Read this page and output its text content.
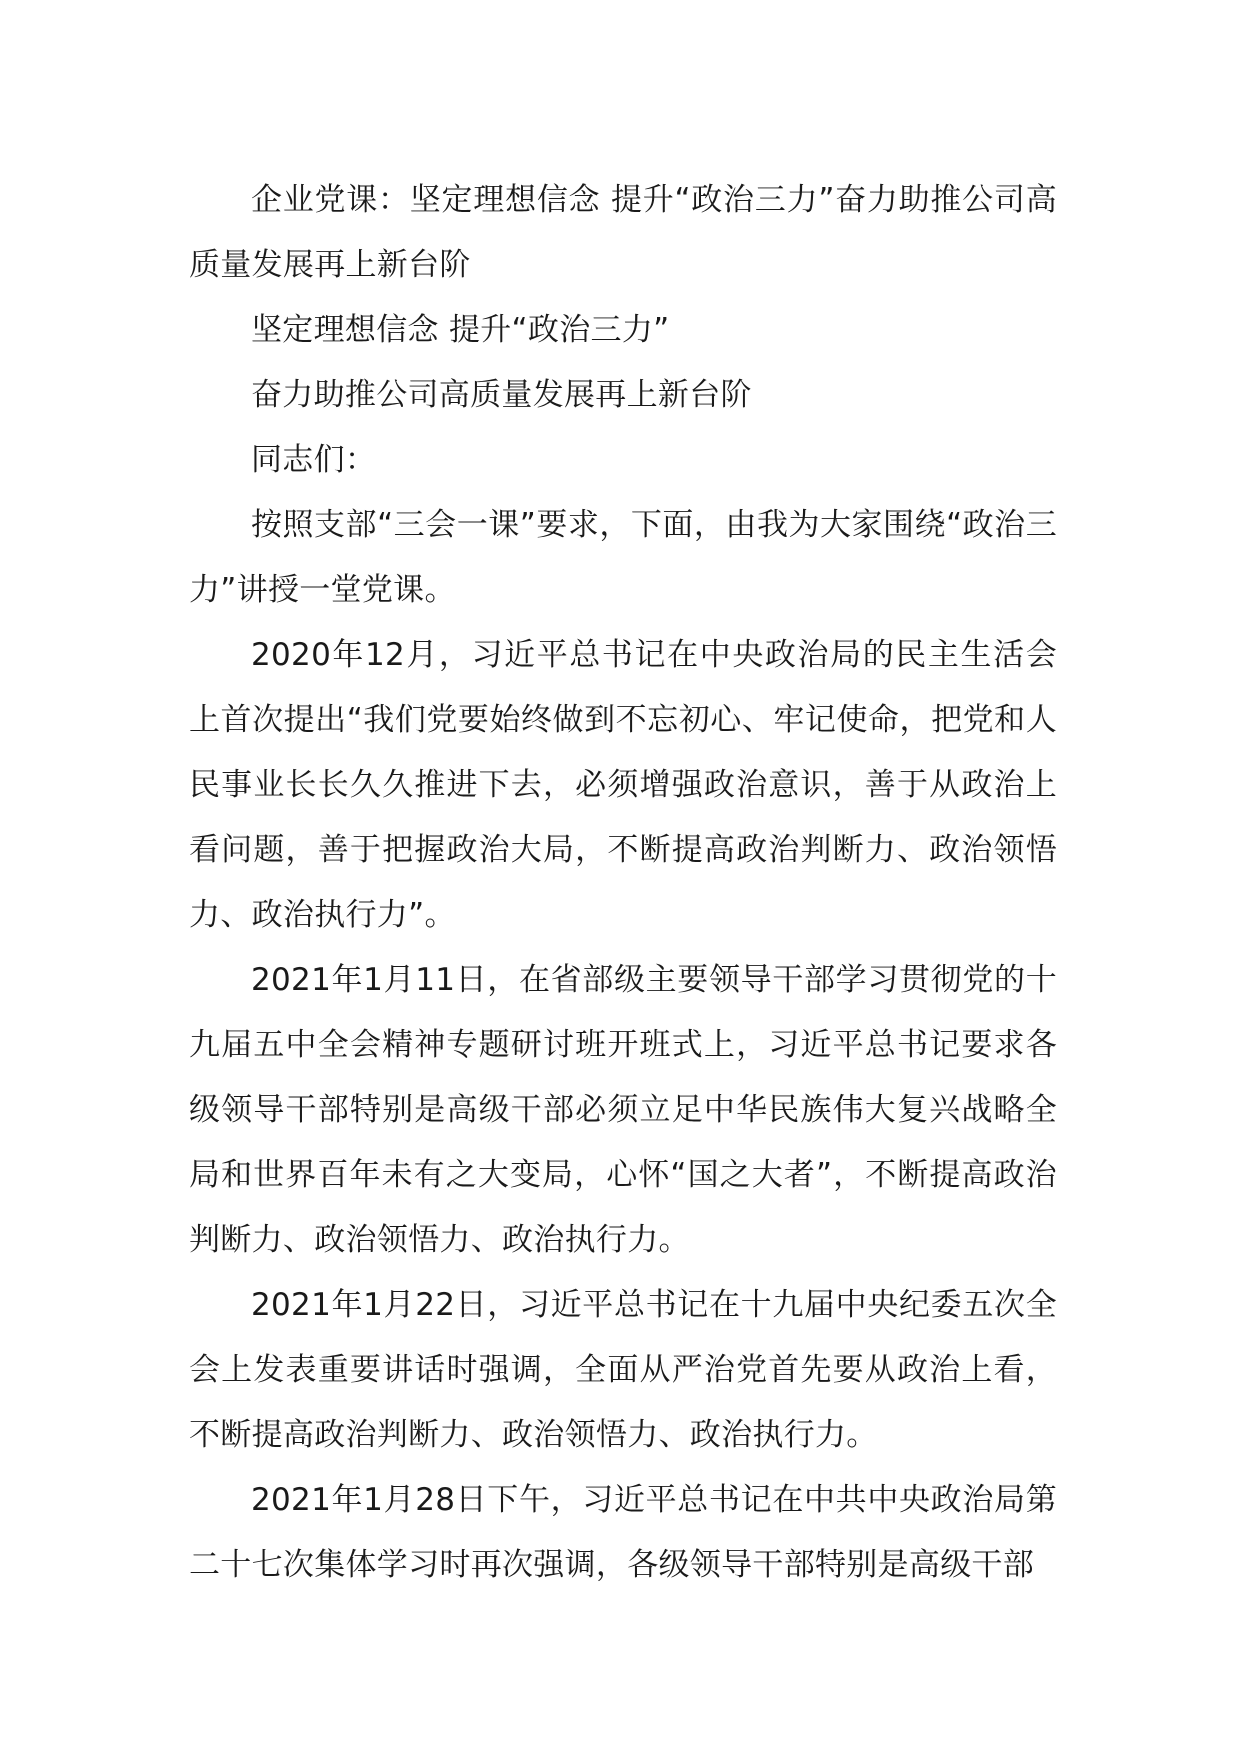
企业党课：坚定理想信念 提升“政治三力”奋力助推公司高质量发展再上新台阶

坚定理想信念 提升“政治三力”

奋力助推公司高质量发展再上新台阶

同志们：

按照支部“三会一课”要求，下面，由我为大家围绕“政治三力”讲授一堂党课。

2020年12月，习近平总书记在中央政治局的民主生活会上首次提出“我们党要始终做到不忘初心、牢记使命，把党和人民事业长长久久推进下去，必须增强政治意识，善于从政治上看问题，善于把握政治大局，不断提高政治判断力、政治领悟力、政治执行力”。

2021年1月11日，在省部级主要领导干部学习贯彻党的十九届五中全会精神专题研讨班开班式上，习近平总书记要求各级领导干部特别是高级干部必须立足中华民族伟大复兴战略全局和世界百年未有之大变局，心怀“国之大者”，不断提高政治判断力、政治领悟力、政治执行力。

2021年1月22日，习近平总书记在十九届中央纪委五次全会上发表重要讲话时强调，全面从严治党首先要从政治上看，不断提高政治判断力、政治领悟力、政治执行力。

2021年1月28日下午，习近平总书记在中共中央政治局第二十七次集体学习时再次强调，各级领导干部特别是高级干部
